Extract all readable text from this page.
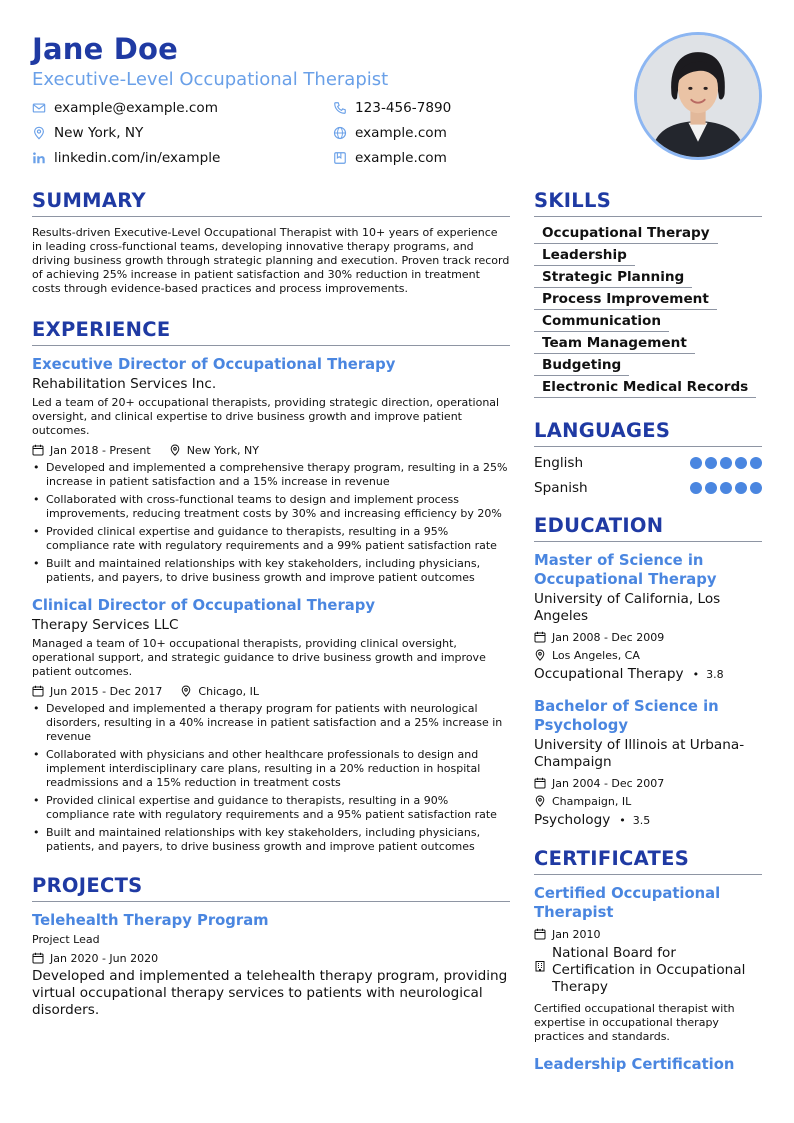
Jane Doe
Executive-Level Occupational Therapist
example@example.com	123-456-7890
New York, NY	example.com
linkedin.com/in/example	example.com
SUMMARY
Results-driven Executive-Level Occupational Therapist with 10+ years of experience in leading cross-functional teams, developing innovative therapy programs, and driving business growth through strategic planning and execution. Proven track record of achieving 25% increase in patient satisfaction and 30% reduction in treatment costs through evidence-based practices and process improvements.
EXPERIENCE
Executive Director of Occupational Therapy
Rehabilitation Services Inc.
Led a team of 20+ occupational therapists, providing strategic direction, operational oversight, and clinical expertise to drive business growth and improve patient outcomes.
Jan 2018 - Present	New York, NY
• Developed and implemented a comprehensive therapy program, resulting in a 25% increase in patient satisfaction and a 15% increase in revenue
• Collaborated with cross-functional teams to design and implement process improvements, reducing treatment costs by 30% and increasing efficiency by 20%
• Provided clinical expertise and guidance to therapists, resulting in a 95% compliance rate with regulatory requirements and a 99% patient satisfaction rate
• Built and maintained relationships with key stakeholders, including physicians, patients, and payers, to drive business growth and improve patient outcomes
Clinical Director of Occupational Therapy
Therapy Services LLC
Managed a team of 10+ occupational therapists, providing clinical oversight, operational support, and strategic guidance to drive business growth and improve patient outcomes.
Jun 2015 - Dec 2017	Chicago, IL
• Developed and implemented a therapy program for patients with neurological disorders, resulting in a 40% increase in patient satisfaction and a 25% increase in revenue
• Collaborated with physicians and other healthcare professionals to design and implement interdisciplinary care plans, resulting in a 20% reduction in hospital readmissions and a 15% reduction in treatment costs
• Provided clinical expertise and guidance to therapists, resulting in a 90% compliance rate with regulatory requirements and a 95% patient satisfaction rate
• Built and maintained relationships with key stakeholders, including physicians, patients, and payers, to drive business growth and improve patient outcomes
PROJECTS
Telehealth Therapy Program
Project Lead
Jan 2020 - Jun 2020
Developed and implemented a telehealth therapy program, providing virtual occupational therapy services to patients with neurological disorders.
SKILLS
Occupational Therapy
Leadership
Strategic Planning
Process Improvement
Communication
Team Management
Budgeting
Electronic Medical Records
LANGUAGES
English
Spanish
EDUCATION
Master of Science in Occupational Therapy
University of California, Los Angeles
Jan 2008 - Dec 2009
Los Angeles, CA
Occupational Therapy • 3.8
Bachelor of Science in Psychology
University of Illinois at Urbana-Champaign
Jan 2004 - Dec 2007
Champaign, IL
Psychology • 3.5
CERTIFICATES
Certified Occupational Therapist
Jan 2010
National Board for Certification in Occupational Therapy
Certified occupational therapist with expertise in occupational therapy practices and standards.
Leadership Certification
